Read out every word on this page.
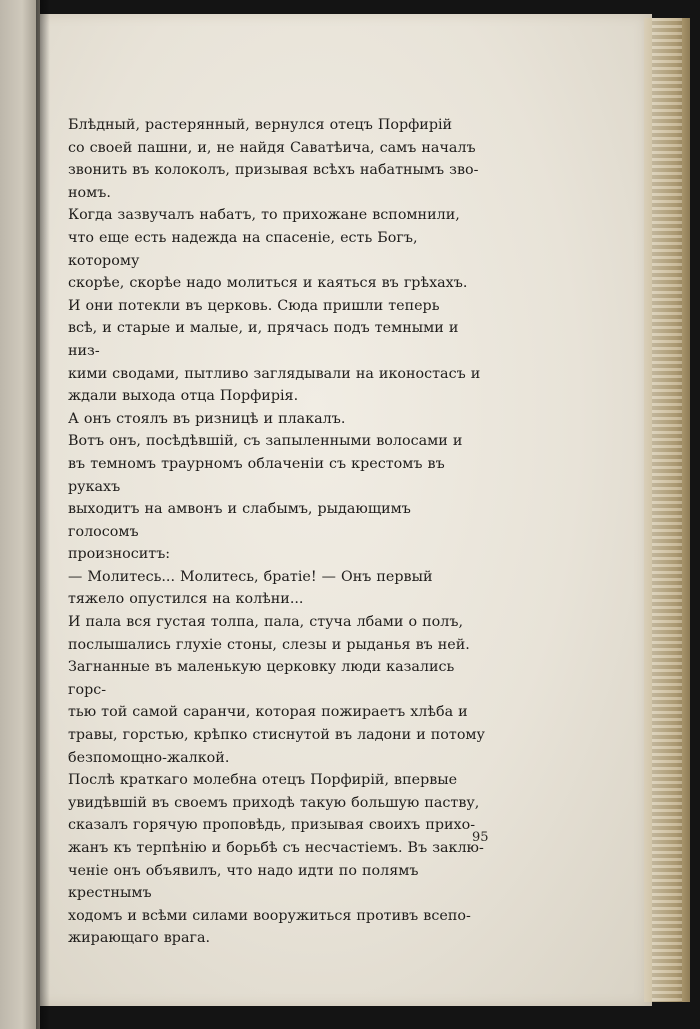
Блѣдный, растерянный, вернулся отецъ Порфирій
со своей пашни, и, не найдя Саватѣича, самъ началъ
звонить въ колоколъ, призывая всѣхъ набатнымъ зво-
номъ.

Когда зазвучалъ набатъ, то прихожане вспомнили,
что еще есть надежда на спасеніе, есть Богъ, которому
скорѣе, скорѣе надо молиться и каяться въ грѣхахъ.

И они потекли въ церковь. Сюда пришли теперь
всѣ, и старые и малые, и, прячась подъ темными и низ-
кими сводами, пытливо заглядывали на иконостасъ и
ждали выхода отца Порфирія.

А онъ стоялъ въ ризницѣ и плакалъ.

Вотъ онъ, посѣдѣвшій, съ запыленными волосами и
въ темномъ траурномъ облаченіи съ крестомъ въ рукахъ
выходитъ на амвонъ и слабымъ, рыдающимъ голосомъ
произноситъ:

— Молитесь... Молитесь, братіе! — Онъ первый
тяжело опустился на колѣни...

И пала вся густая толпа, пала, стуча лбами о полъ,
послышались глухіе стоны, слезы и рыданья въ ней.
Загнанные въ маленькую церковку люди казались горс-
тью той самой саранчи, которая пожираетъ хлѣба и
травы, горстью, крѣпко стиснутой въ ладони и потому
безпомощно-жалкой.

Послѣ краткаго молебна отецъ Порфирій, впервые
увидѣвшій въ своемъ приходѣ такую большую паству,
сказалъ горячую проповѣдь, призывая своихъ прихо-
жанъ къ терпѣнію и борьбѣ съ несчастіемъ. Въ заклю-
ченіе онъ объявилъ, что надо идти по полямъ крестнымъ
ходомъ и всѣми силами вооружиться противъ всепо-
жирающаго врага.

95
